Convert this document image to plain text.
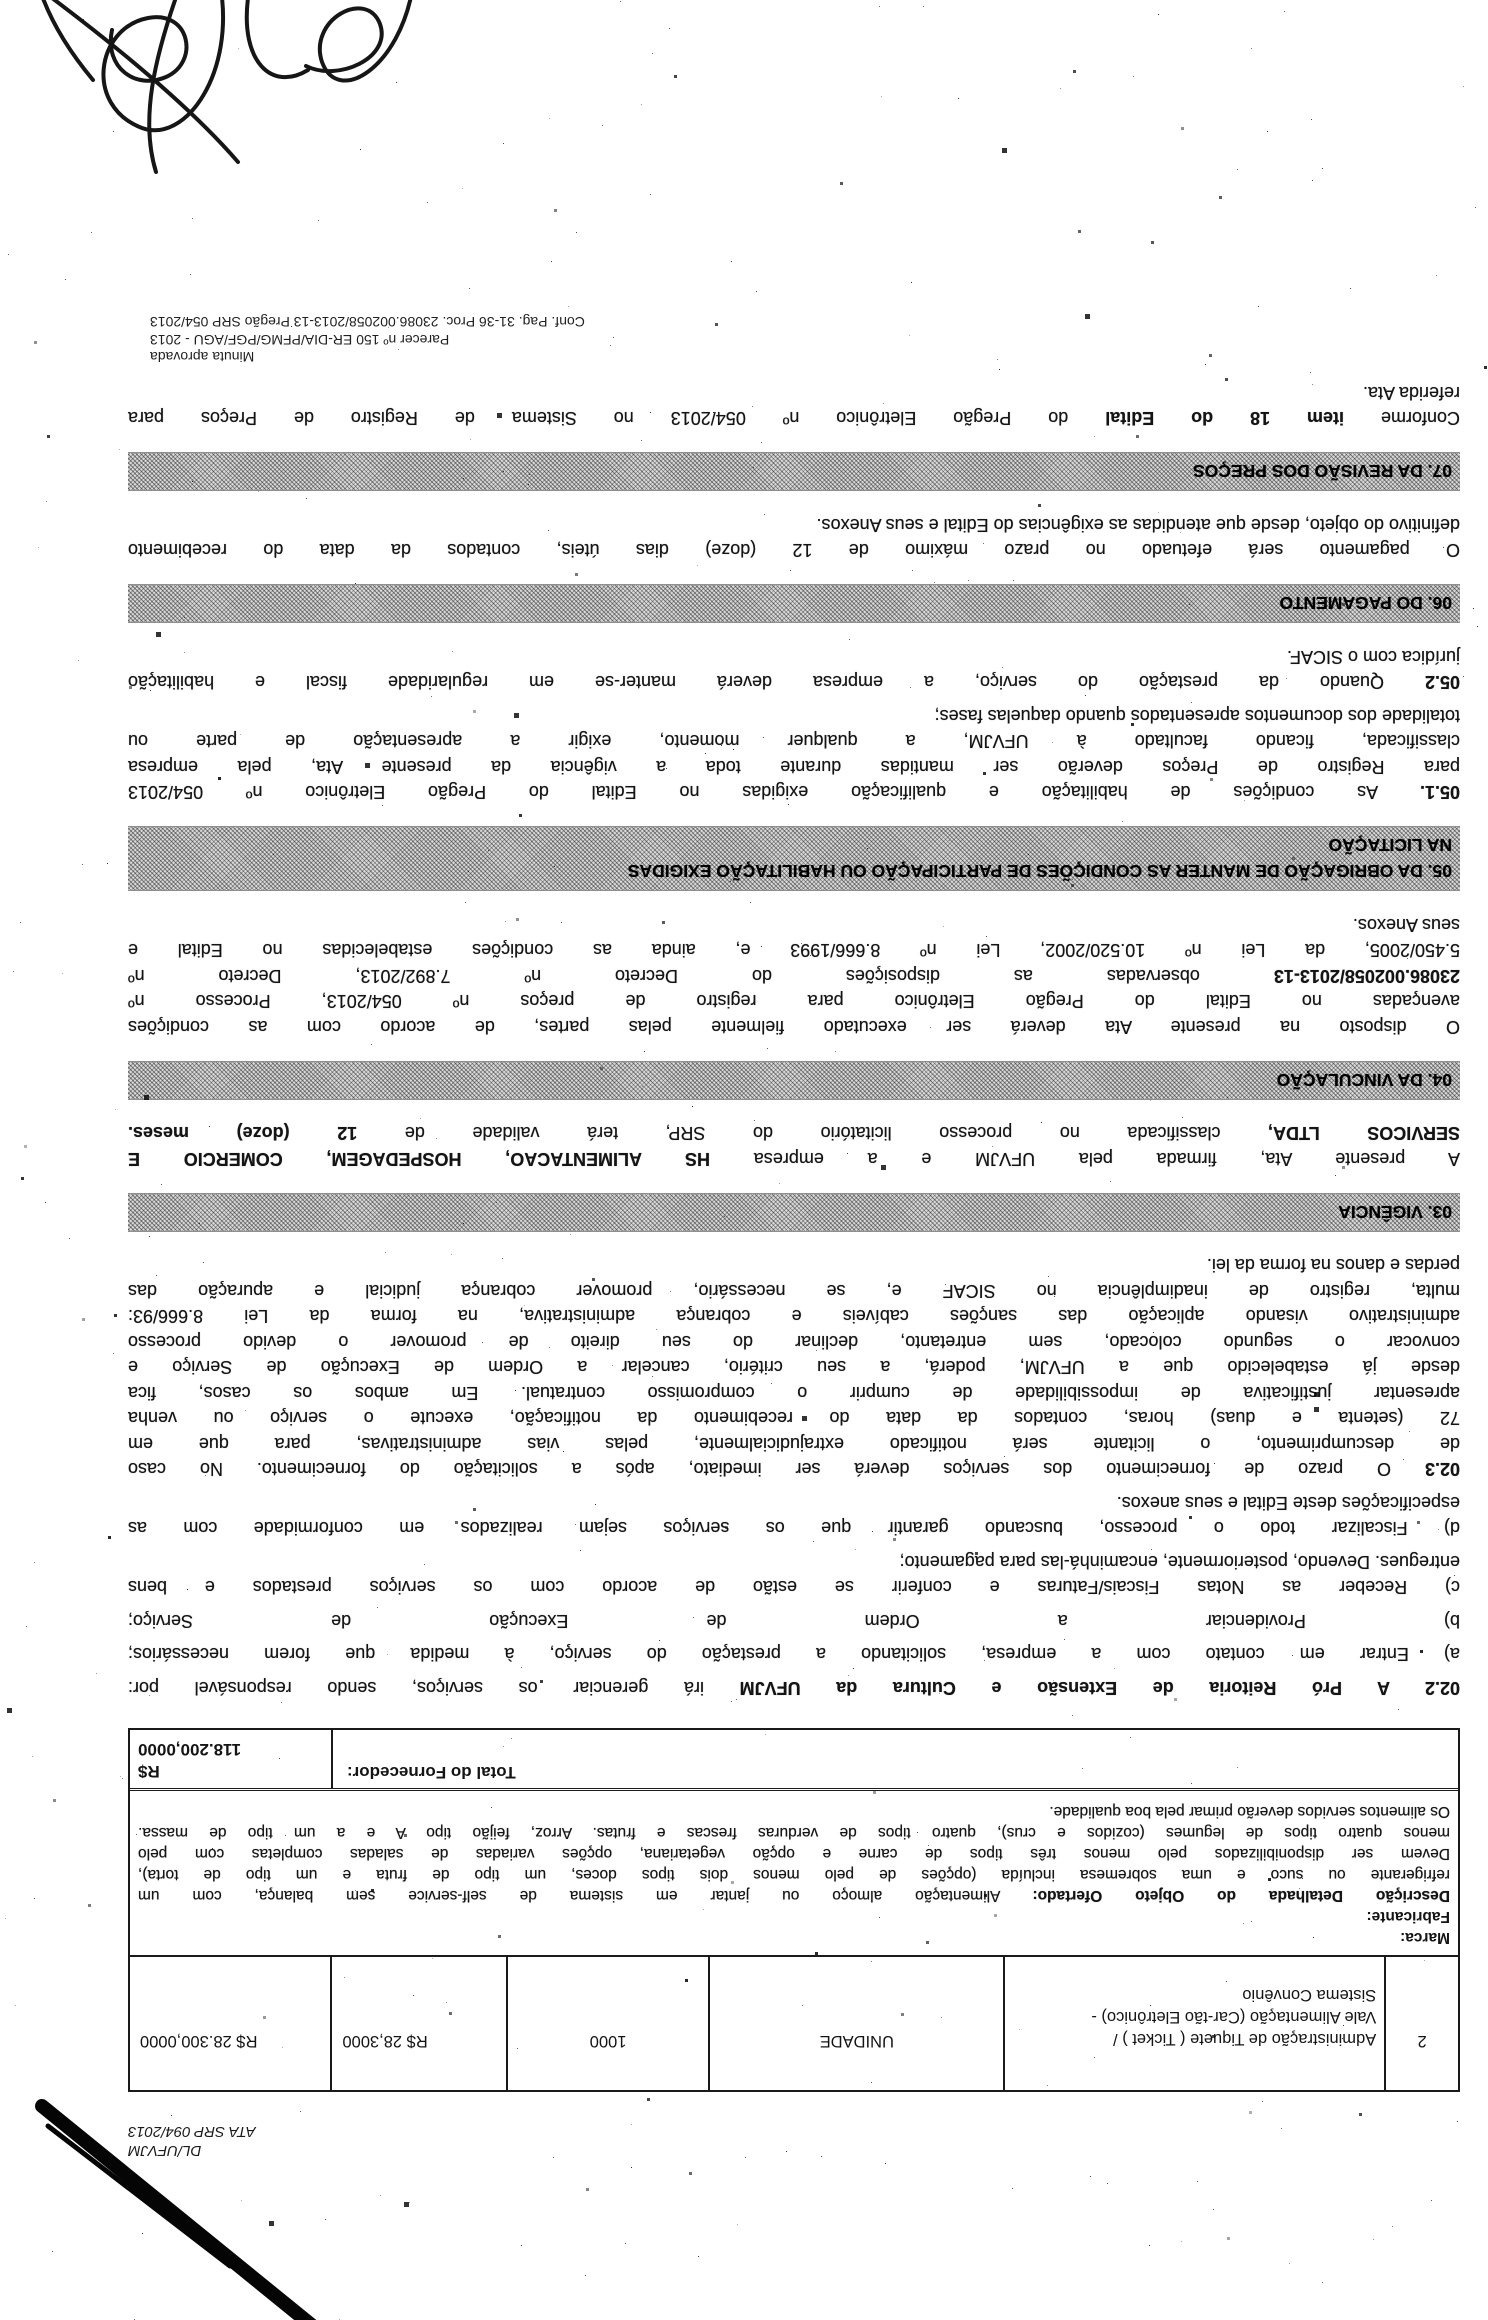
DL/UFVJM
ATA SRP 094/2013
2
Administração de Tiquete ( Ticket ) /
Vale Alimentação (Car-tão Eletrônico) -
Sistema Convênio
UNIDADE
1000
R$ 28,3000
R$ 28.300,0000
Marca:
Fabricante:
Descrição Detalhada do Objeto Ofertado: Alimentação almoço ou jantar em sistema de self-service sem balança, com um
refrigerante ou suco e uma sobremesa incluída (opções de pelo menos dois tipos doces, um tipo de fruta e um tipo de torta),
Devem ser disponibilizados pelo menos três tipos de carne e opção vegetariana, opções variadas de saladas completas com pelo
menos quatro tipos de legumes (cozidos e crus), quatro tipos de verduras frescas e frutas. Arroz, feijão tipo A e a um tipo de massa.
Os alimentos servidos deverão primar pela boa qualidade.
Total do Fornecedor:
R$
118.200,0000
02.2 A Pró Reitoria de Extensão e Cultura da UFVJM irá gerenciar os serviços, sendo responsável por:
a) Entrar em contato com a empresa, solicitando a prestação do serviço, à medida que forem necessários;
b) Providenciar a Ordem de Execução de Serviço;
c) Receber as Notas Fiscais/Faturas e conferir se estão de acordo com os serviços prestados e bens
entregues. Devendo, posteriormente, encaminhá-las para pagamento;
d) Fiscalizar todo o processo, buscando garantir que os serviços sejam realizados em conformidade com as
especificações deste Edital e seus anexos.
02.3 O prazo de fornecimento dos serviços deverá ser imediato, após a solicitação do fornecimento. No caso
de descumprimento, o licitante será notificado extrajudicialmente, pelas vias administrativas, para que em
72 (setenta e duas) horas, contados da data do recebimento da notificação, execute o serviço ou venha
apresentar justificativa de impossibilidade de cumprir o compromisso contratual. Em ambos os casos, fica
desde já estabelecido que a UFVJM, poderá, a seu critério, cancelar a Ordem de Execução de Serviço e
convocar o segundo colocado, sem entretanto, declinar do seu direito de promover o devido processo
administrativo visando aplicação das sanções cabíveis e cobrança administrativa, na forma da Lei 8.666/93:
multa, registro de inadimplência no SICAF e, se necessário, promover cobrança judicial e apuração das
perdas e danos na forma da lei.
03. VIGÊNCIA
A presente Ata, firmada pela UFVJM e a empresa HS ALIMENTACAO, HOSPEDAGEM, COMERCIO E
SERVICOS LTDA, classificada no processo licitatório do SRP, terá validade de 12 (doze) meses.
04. DA VINCULAÇÃO
O disposto na presente Ata deverá ser executado fielmente pelas partes, de acordo com as condições
avençadas no Edital do Pregão Eletrônico para registro de preços nº 054/2013, Processo nº
23086.002058/2013-13 observadas as disposições do Decreto nº 7.892/2013, Decreto nº
5.450/2005, da Lei nº 10.520/2002, Lei nº 8.666/1993 e, ainda as condições estabelecidas no Edital e
seus Anexos.
05. DA OBRIGAÇÃO DE MANTER AS CONDIÇÕES DE PARTICIPAÇÃO OU HABILITAÇÃO EXIGIDAS
NA LICITAÇÃO
05.1. As condições de habilitação e qualificação exigidas no Edital do Pregão Eletrônico nº 054/2013
para Registro de Preços deverão ser mantidas durante toda a vigência da presente Ata, pela empresa
classificada, ficando facultado à UFVJM, a qualquer momento, exigir a apresentação de parte ou
totalidade dos documentos apresentados quando daquelas fases;
05.2 Quando da prestação do serviço, a empresa deverá manter-se em regularidade fiscal e habilitação
jurídica com o SICAF.
06. DO PAGAMENTO
O pagamento será efetuado no prazo máximo de 12 (doze) dias úteis, contados da data do recebimento
definitivo do objeto, desde que atendidas as exigências do Edital e seus Anexos.
07. DA REVISÃO DOS PREÇOS
Conforme item 18 do Edital do Pregão Eletrônico nº 054/2013 no Sistema de Registro de Preços para
referida Ata.
Minuta aprovada
Parecer nº 150 ER-DIA/PFMG/PGF/AGU - 2013
Conf. Pag. 31-36 Proc. 23086.002058/2013-13 Pregão SRP 054/2013
